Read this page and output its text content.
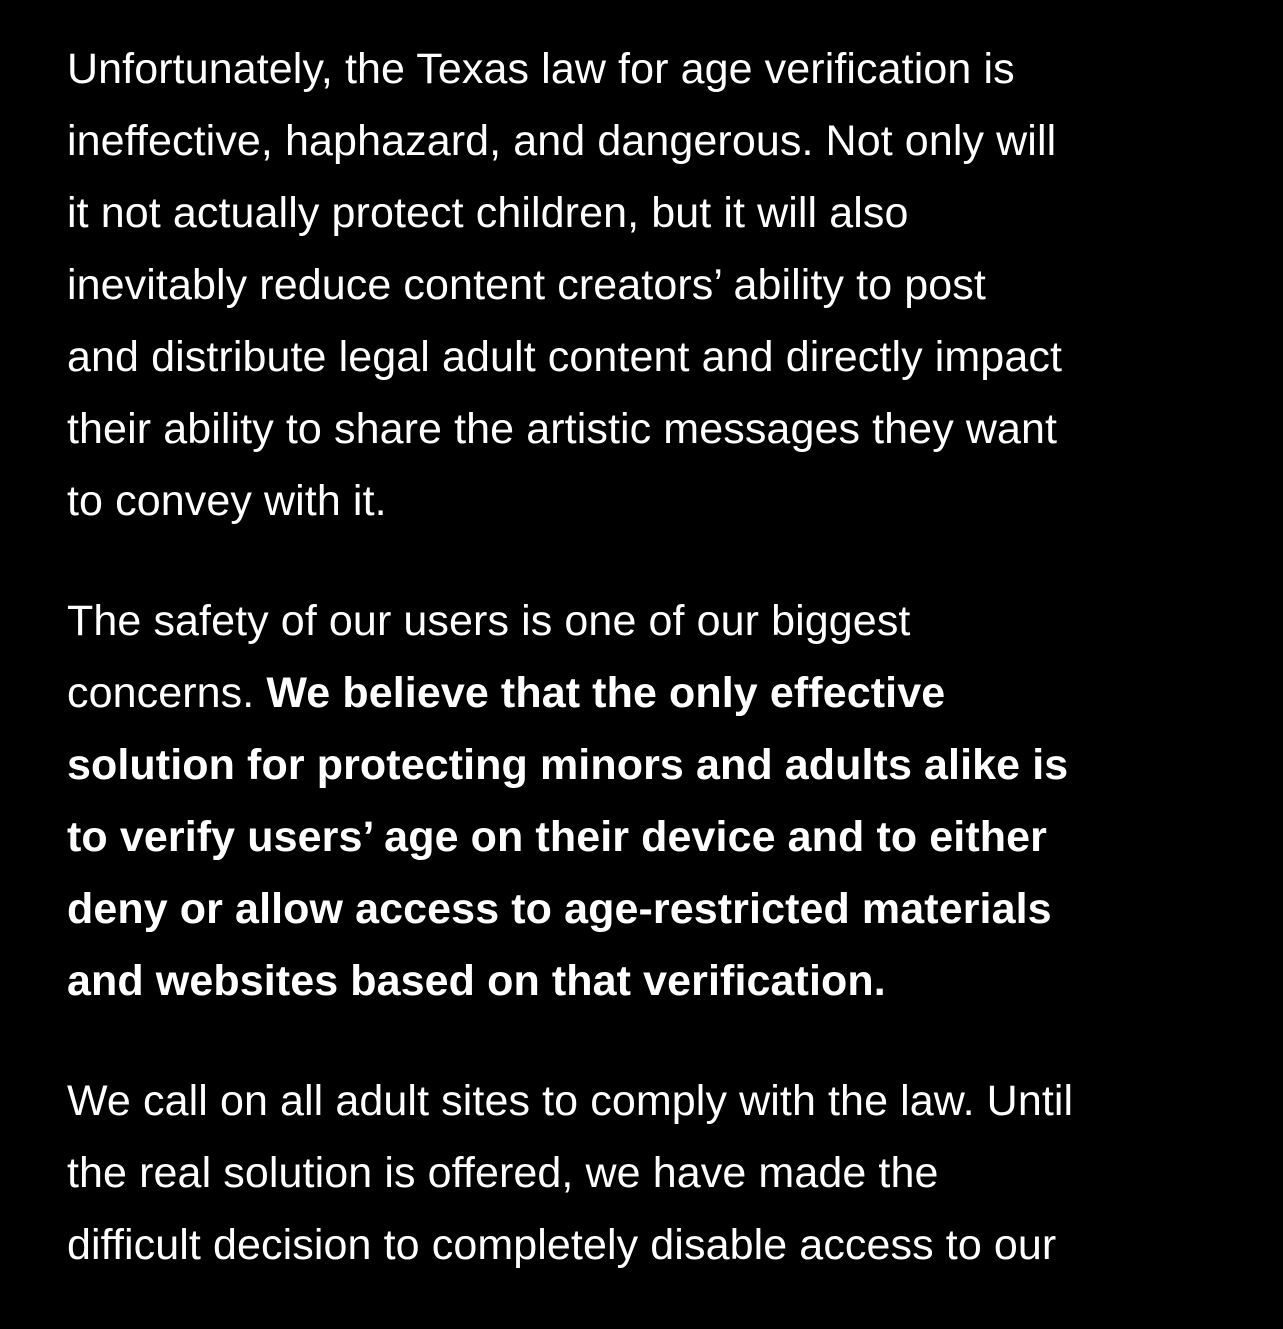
Unfortunately, the Texas law for age verification is
ineffective, haphazard, and dangerous. Not only will
it not actually protect children, but it will also
inevitably reduce content creators’ ability to post
and distribute legal adult content and directly impact
their ability to share the artistic messages they want
to convey with it.

The safety of our users is one of our biggest
concerns. We believe that the only effective
solution for protecting minors and adults alike is
to verify users’ age on their device and to either
deny or allow access to age-restricted materials
and websites based on that verification.

We call on all adult sites to comply with the law. Until
the real solution is offered, we have made the
difficult decision to completely disable access to our
